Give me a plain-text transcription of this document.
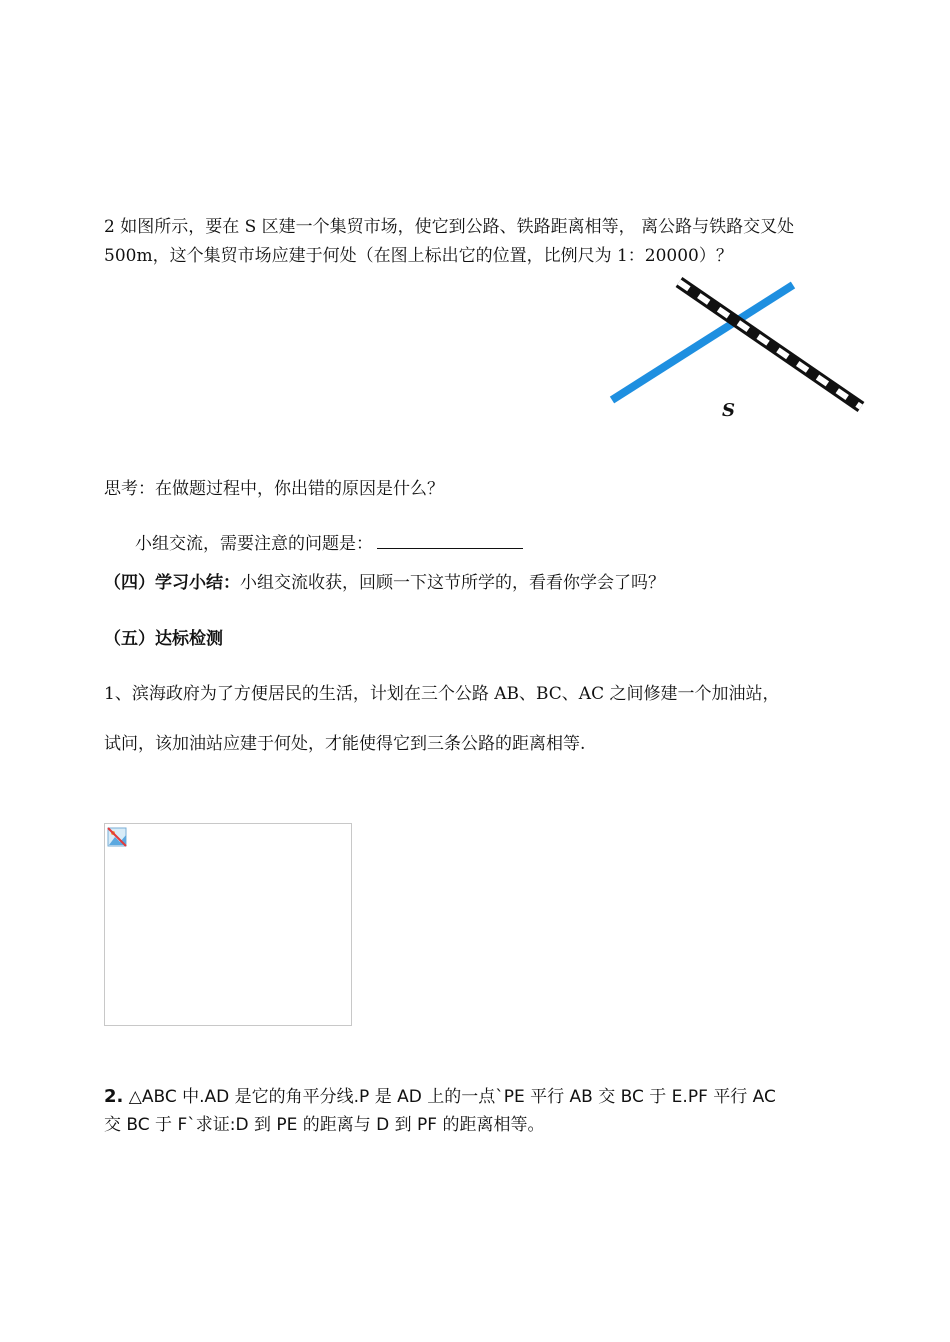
2 如图所示，要在 S 区建一个集贸市场，使它到公路、铁路距离相等， 离公路与铁路交叉处
500m，这个集贸市场应建于何处（在图上标出它的位置，比例尺为 1：20000）？
S
思考：在做题过程中，你出错的原因是什么？
小组交流，需要注意的问题是：
（四）学习小结：小组交流收获，回顾一下这节所学的，看看你学会了吗？
（五）达标检测
1、滨海政府为了方便居民的生活，计划在三个公路 AB、BC、AC 之间修建一个加油站，
试问，该加油站应建于何处，才能使得它到三条公路的距离相等.
2. △ABC 中.AD 是它的角平分线.P 是 AD 上的一点`PE 平行 AB 交 BC 于 E.PF 平行 AC
交 BC 于 F`求证:D 到 PE 的距离与 D 到 PF 的距离相等。
